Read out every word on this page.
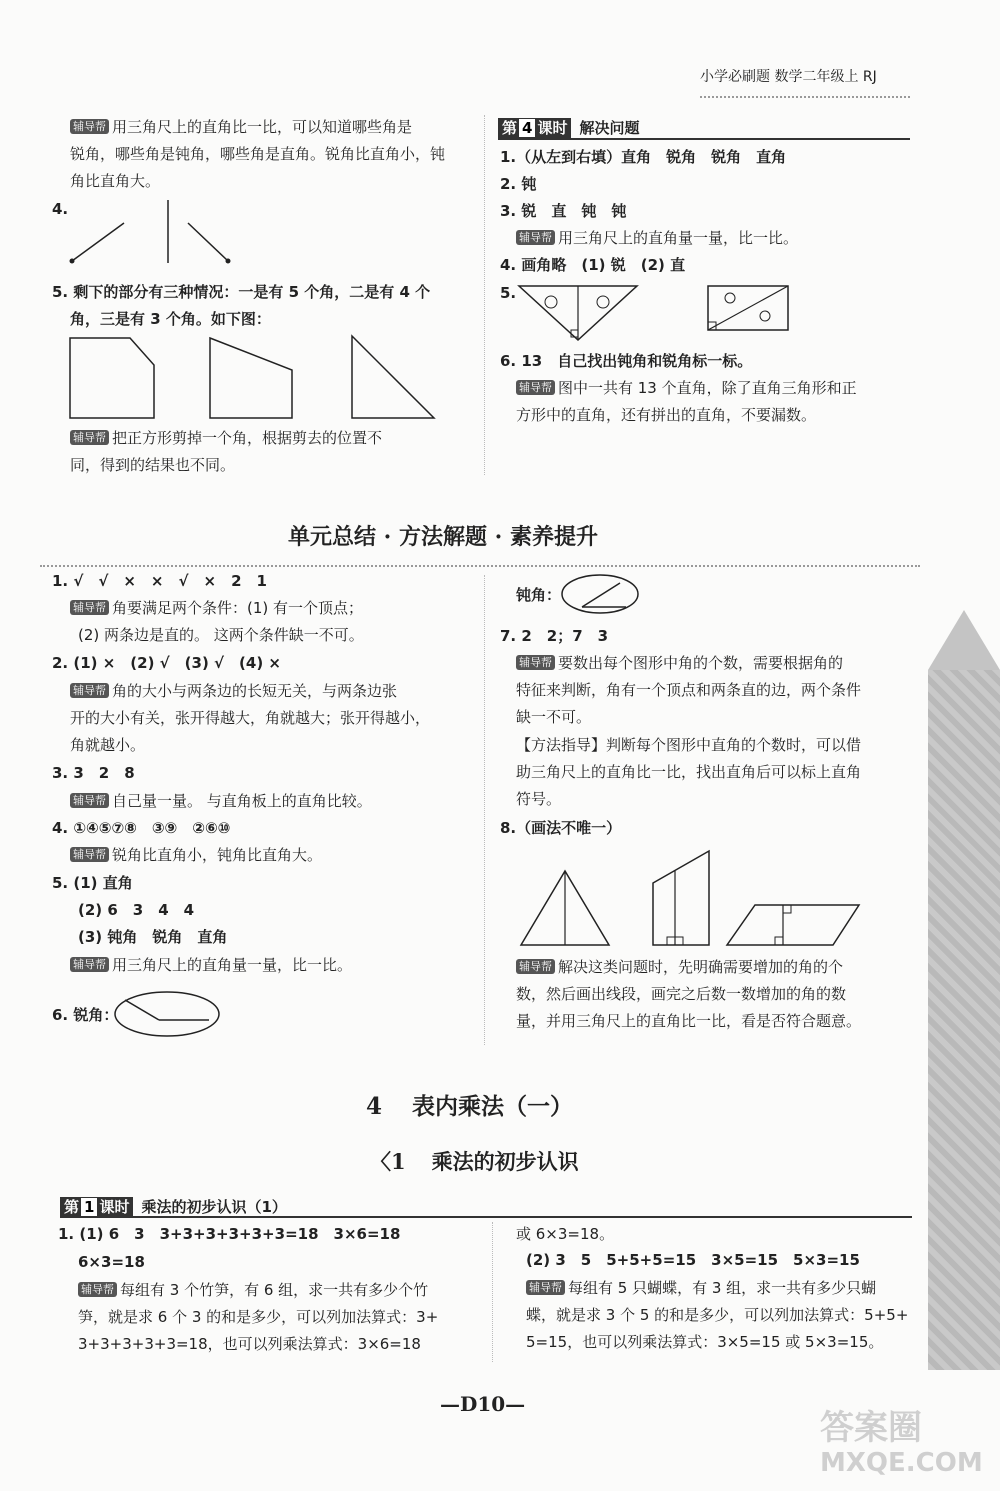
小学必刷题 数学二年级上 RJ
辅导帮 用三角尺上的直角比一比，可以知道哪些角是
锐角，哪些角是钝角，哪些角是直角。锐角比直角小，钝
角比直角大。
4.
5. 剩下的部分有三种情况：一是有 5 个角，二是有 4 个
角，三是有 3 个角。如下图：
辅导帮 把正方形剪掉一个角，根据剪去的位置不
同，得到的结果也不同。
第 4 课时 解决问题
1.（从左到右填）直角　锐角　锐角　直角
2. 钝
3. 锐　直　钝　钝
辅导帮 用三角尺上的直角量一量，比一比。
4. 画角略　(1) 锐　(2) 直
5.
6. 13　自己找出钝角和锐角标一标。
辅导帮 图中一共有 13 个直角，除了直角三角形和正
方形中的直角，还有拼出的直角，不要漏数。
单元总结 · 方法解题 · 素养提升
1. √　√　×　×　√　×　2　1
辅导帮 角要满足两个条件：(1) 有一个顶点；
(2) 两条边是直的。 这两个条件缺一不可。
2. (1) ×　(2) √　(3) √　(4) ×
辅导帮 角的大小与两条边的长短无关，与两条边张
开的大小有关，张开得越大，角就越大；张开得越小，
角就越小。
3. 3　2　8
辅导帮 自己量一量。 与直角板上的直角比较。
4. ①④⑤⑦⑧　③⑨　②⑥⑩
辅导帮 锐角比直角小，钝角比直角大。
5. (1) 直角
(2) 6　3　4　4
(3) 钝角　锐角　直角
辅导帮 用三角尺上的直角量一量，比一比。
6. 锐角：
钝角：
7. 2　2；7　3
辅导帮 要数出每个图形中角的个数，需要根据角的
特征来判断，角有一个顶点和两条直的边，两个条件
缺一不可。
【方法指导】判断每个图形中直角的个数时，可以借
助三角尺上的直角比一比，找出直角后可以标上直角
符号。
8.（画法不唯一）
辅导帮 解决这类问题时，先明确需要增加的角的个
数，然后画出线段，画完之后数一数增加的角的数
量，并用三角尺上的直角比一比，看是否符合题意。
4 表内乘法（一）
〈1 乘法的初步认识
第 1 课时 乘法的初步认识（1）
1. (1) 6　3　3+3+3+3+3+3=18　3×6=18
6×3=18
辅导帮 每组有 3 个竹笋，有 6 组，求一共有多少个竹
笋，就是求 6 个 3 的和是多少，可以列加法算式：3+
3+3+3+3+3=18，也可以列乘法算式：3×6=18
或 6×3=18。
(2) 3　5　5+5+5=15　3×5=15　5×3=15
辅导帮 每组有 5 只蝴蝶，有 3 组，求一共有多少只蝴
蝶，就是求 3 个 5 的和是多少，可以列加法算式：5+5+
5=15，也可以列乘法算式：3×5=15 或 5×3=15。
—D10—
答案圈
MXQE.COM
